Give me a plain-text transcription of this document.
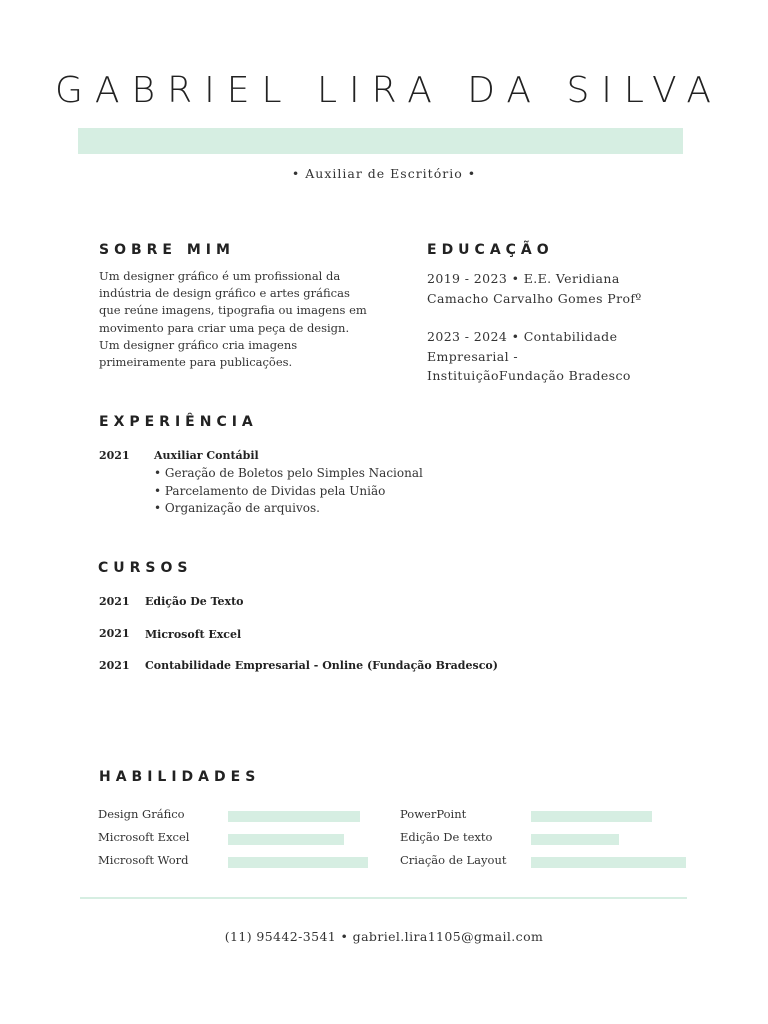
GABRIEL LIRA DA SILVA
• Auxiliar de Escritório •
SOBRE MIM
Um designer gráfico é um profissional da
indústria de design gráfico e artes gráficas
que reúne imagens, tipografia ou imagens em
movimento para criar uma peça de design.
Um designer gráfico cria imagens
primeiramente para publicações.
EDUCAÇÃO
2019 - 2023 • E.E. Veridiana
Camacho Carvalho Gomes Profº
2023 - 2024 • Contabilidade
Empresarial -
InstituiçãoFundação Bradesco
EXPERIÊNCIA
2021 Auxiliar Contábil
• Geração de Boletos pelo Simples Nacional
• Parcelamento de Dividas pela União
• Organização de arquivos.
CURSOS
2021 Edição De Texto
2021 Microsoft Excel
2021 Contabilidade Empresarial - Online (Fundação Bradesco)
HABILIDADES
Design Gráfico
Microsoft Excel
Microsoft Word
PowerPoint
Edição De texto
Criação de Layout
(11) 95442-3541 • gabriel.lira1105@gmail.com
